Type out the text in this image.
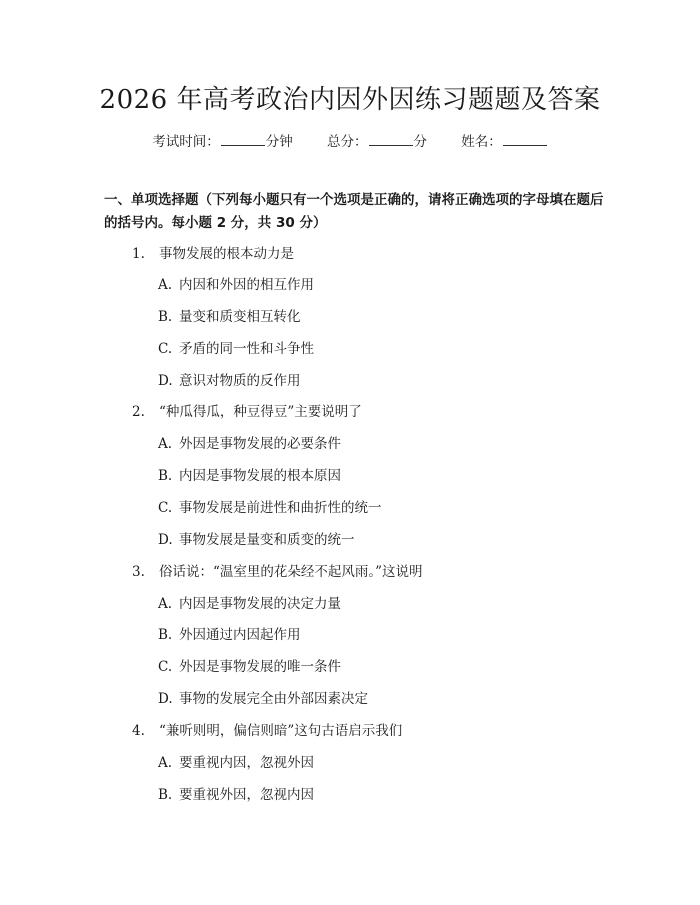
2026 年高考政治内因外因练习题题及答案
考试时间：	分钟	总分：	分	姓名：
一、单项选择题（下列每小题只有一个选项是正确的，请将正确选项的字母填在题后的括号内。每小题 2 分，共 30 分）
1. 事物发展的根本动力是
A. 内因和外因的相互作用
B. 量变和质变相互转化
C. 矛盾的同一性和斗争性
D. 意识对物质的反作用
2. “种瓜得瓜，种豆得豆”主要说明了
A. 外因是事物发展的必要条件
B. 内因是事物发展的根本原因
C. 事物发展是前进性和曲折性的统一
D. 事物发展是量变和质变的统一
3. 俗话说：“温室里的花朵经不起风雨。”这说明
A. 内因是事物发展的决定力量
B. 外因通过内因起作用
C. 外因是事物发展的唯一条件
D. 事物的发展完全由外部因素决定
4. “兼听则明，偏信则暗”这句古语启示我们
A. 要重视内因，忽视外因
B. 要重视外因，忽视内因
